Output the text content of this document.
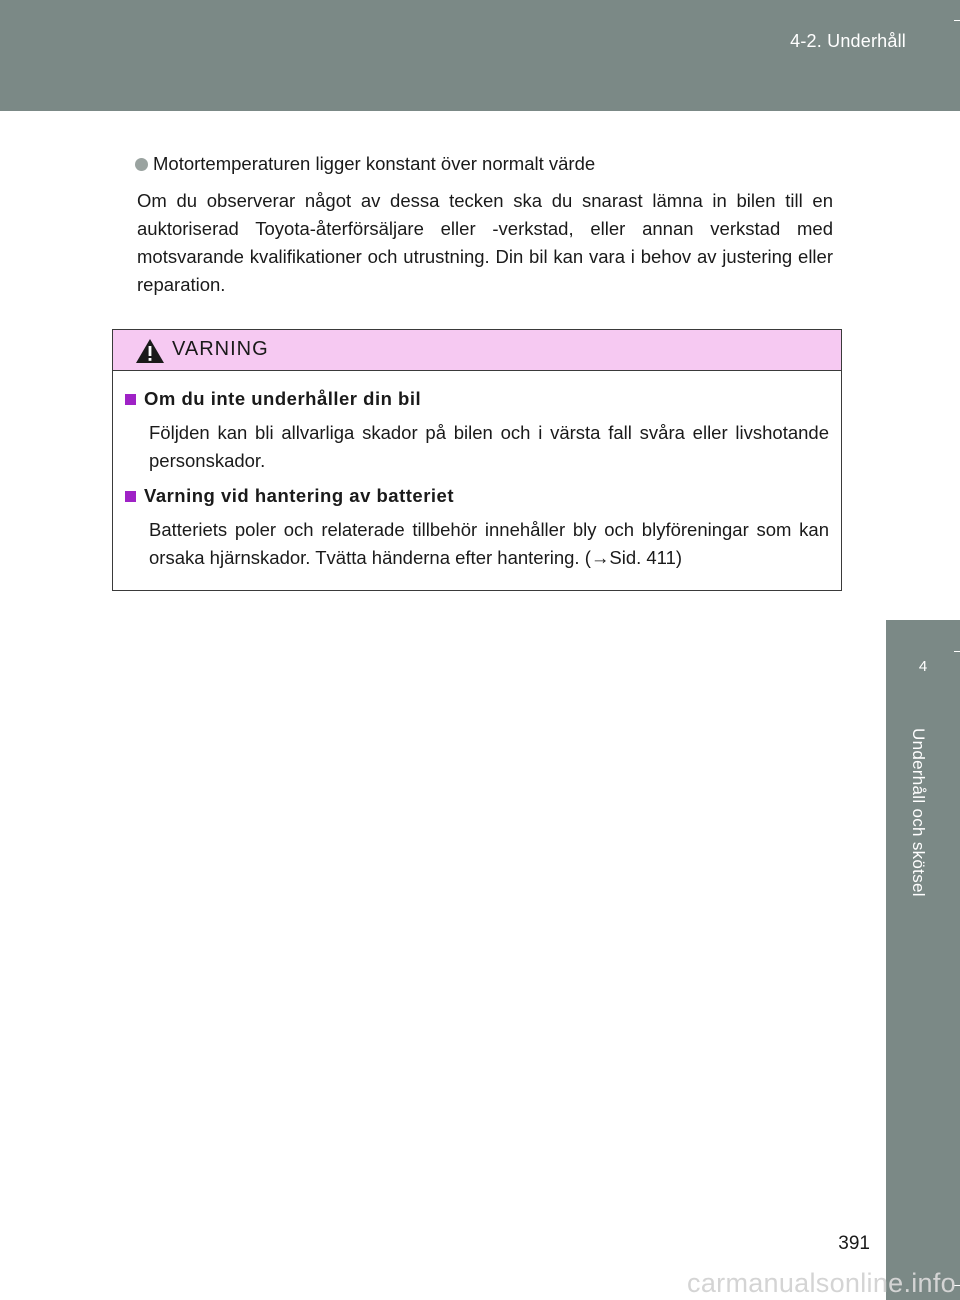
4-2. Underhåll
4
Underhåll och skötsel
Motortemperaturen ligger konstant över normalt värde

Om du observerar något av dessa tecken ska du snarast lämna in bilen till en auktoriserad Toyota-återförsäljare eller -verkstad, eller annan verkstad med motsvarande kvalifikationer och utrustning. Din bil kan vara i behov av justering eller reparation.

VARNING
Om du inte underhåller din bil
Följden kan bli allvarliga skador på bilen och i värsta fall svåra eller livshotande personskador.
Varning vid hantering av batteriet
Batteriets poler och relaterade tillbehör innehåller bly och blyföreningar som kan orsaka hjärnskador. Tvätta händerna efter hantering. (→Sid. 411)
391
carmanualsonline.info
